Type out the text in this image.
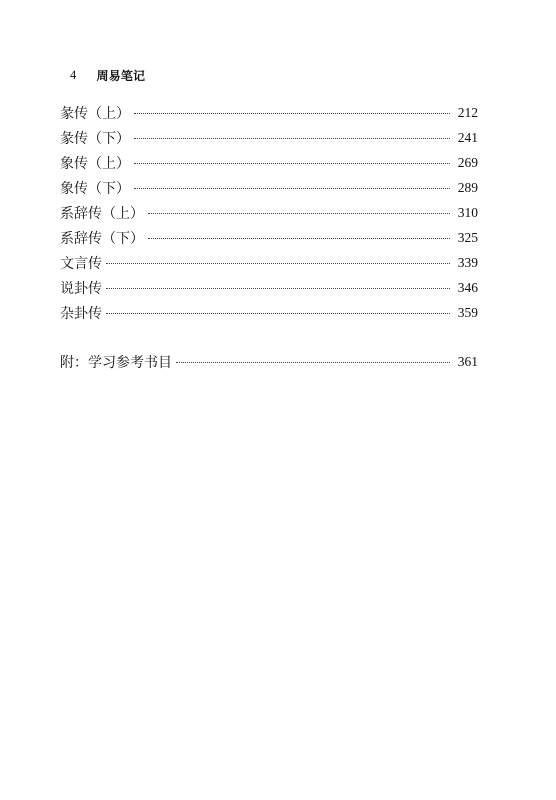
4 周易笔记
彖传（上）	212
彖传（下）	241
象传（上）	269
象传（下）	289
系辞传（上）	310
系辞传（下）	325
文言传	339
说卦传	346
杂卦传	359
附：学习参考书目	361
